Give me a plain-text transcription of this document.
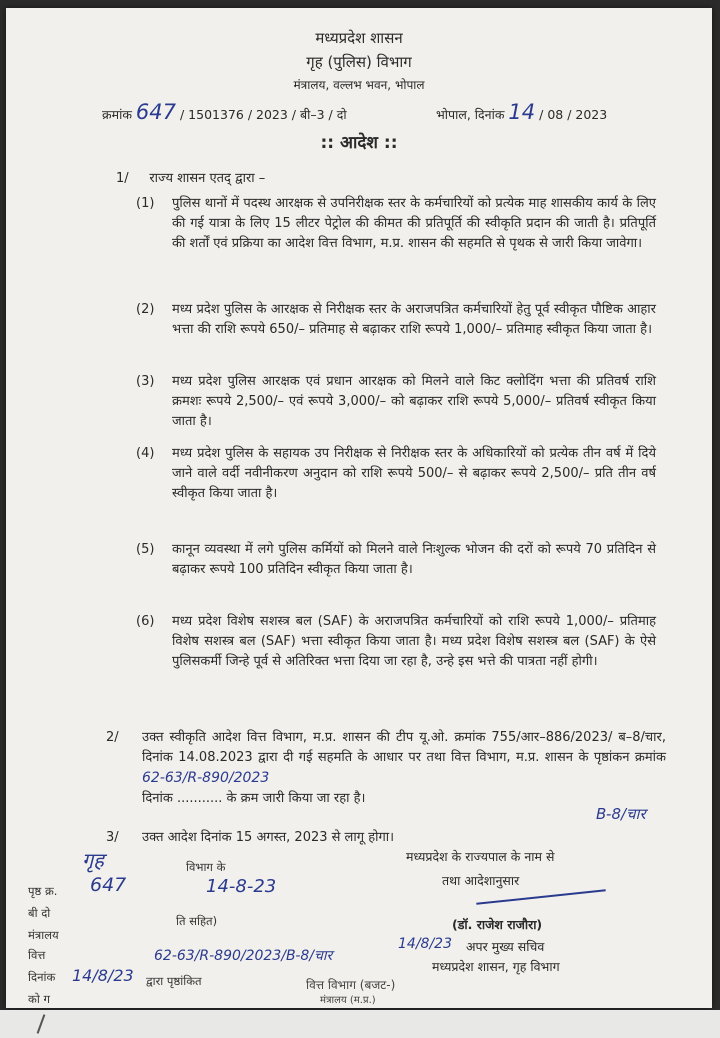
मध्यप्रदेश शासन
गृह (पुलिस) विभाग
मंत्रालय, वल्लभ भवन, भोपाल
क्रमांक 647 / 1501376 / 2023 / बी–3 / दो	भोपाल, दिनांक 14 / 08 / 2023
:: आदेश ::
1/ राज्य शासन एतद् द्वारा –
(1) पुलिस थानों में पदस्थ आरक्षक से उपनिरीक्षक स्तर के कर्मचारियों को प्रत्येक माह शासकीय कार्य के लिए की गई यात्रा के लिए 15 लीटर पेट्रोल की कीमत की प्रतिपूर्ति की स्वीकृति प्रदान की जाती है। प्रतिपूर्ति की शर्तों एवं प्रक्रिया का आदेश वित्त विभाग, म.प्र. शासन की सहमति से पृथक से जारी किया जावेगा।
(2) मध्य प्रदेश पुलिस के आरक्षक से निरीक्षक स्तर के अराजपत्रित कर्मचारियों हेतु पूर्व स्वीकृत पौष्टिक आहार भत्ता की राशि रूपये 650/– प्रतिमाह से बढ़ाकर राशि रूपये 1,000/– प्रतिमाह स्वीकृत किया जाता है।
(3) मध्य प्रदेश पुलिस आरक्षक एवं प्रधान आरक्षक को मिलने वाले किट क्लोदिंग भत्ता की प्रतिवर्ष राशि क्रमशः रूपये 2,500/– एवं रूपये 3,000/– को बढ़ाकर राशि रूपये 5,000/– प्रतिवर्ष स्वीकृत किया जाता है।
(4) मध्य प्रदेश पुलिस के सहायक उप निरीक्षक से निरीक्षक स्तर के अधिकारियों को प्रत्येक तीन वर्ष में दिये जाने वाले वर्दी नवीनीकरण अनुदान को राशि रूपये 500/– से बढ़ाकर रूपये 2,500/– प्रति तीन वर्ष स्वीकृत किया जाता है।
(5) कानून व्यवस्था में लगे पुलिस कर्मियों को मिलने वाले निःशुल्क भोजन की दरों को रूपये 70 प्रतिदिन से बढ़ाकर रूपये 100 प्रतिदिन स्वीकृत किया जाता है।
(6) मध्य प्रदेश विशेष सशस्त्र बल (SAF) के अराजपत्रित कर्मचारियों को राशि रूपये 1,000/– प्रतिमाह विशेष सशस्त्र बल (SAF) भत्ता स्वीकृत किया जाता है। मध्य प्रदेश विशेष सशस्त्र बल (SAF) के ऐसे पुलिसकर्मी जिन्हे पूर्व से अतिरिक्त भत्ता दिया जा रहा है, उन्हे इस भत्ते की पात्रता नहीं होगी।
2/ उक्त स्वीकृति आदेश वित्त विभाग, म.प्र. शासन की टीप यू.ओ. क्रमांक 755/आर–886/2023/ ब–8/चार, दिनांक 14.08.2023 द्वारा दी गई सहमति के आधार पर तथा वित्त विभाग, म.प्र. शासन के पृष्ठांकन क्रमांक 62-63/R-890/2023
दिनांक ........... के क्रम जारी किया जा रहा है।
B-8/चार
3/ उक्त आदेश दिनांक 15 अगस्त, 2023 से लागू होगा।
मध्यप्रदेश के राज्यपाल के नाम से
तथा आदेशानुसार
(डॉ. राजेश राजौरा)
14/8/23 अपर मुख्य सचिव
मध्यप्रदेश शासन, गृह विभाग
वित्त विभाग (बजट-)
मंत्रालय (म.प्र.)
गृह	विभाग के
पृष्ठ क्र. 647	14-8-23
बी दो
ति सहित)
मंत्रालय
वित्त	62-63/R-890/2023/B-8/चार
दिनांक 14/8/23 द्वारा पृष्ठांकित
को ग
